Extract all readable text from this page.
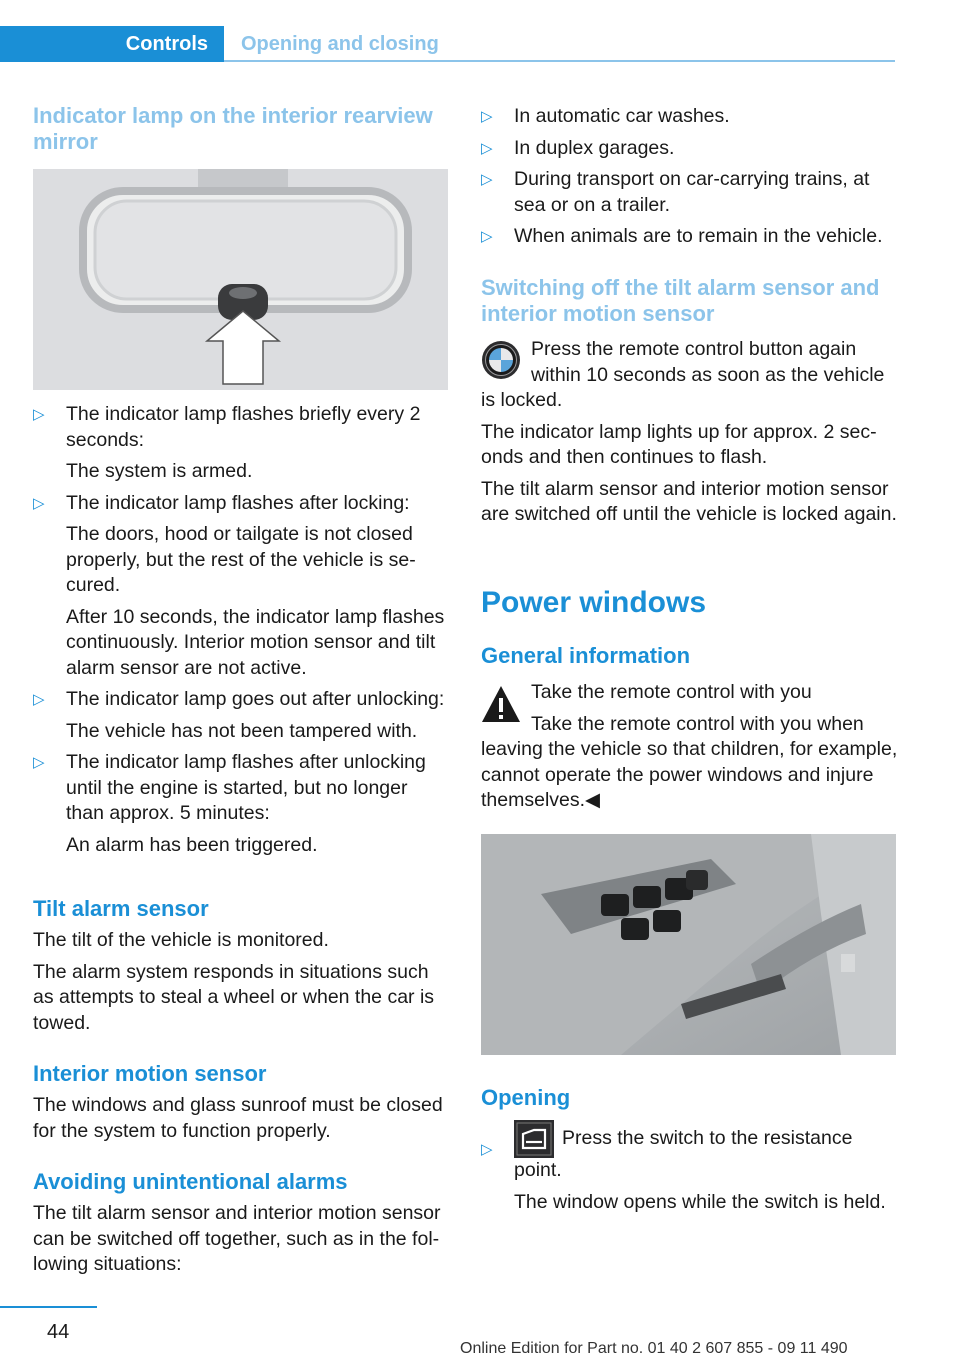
Controls	Opening and closing
Indicator lamp on the interior rearview mirror
▷ The indicator lamp flashes briefly every 2 seconds:

The system is armed.

▷ The indicator lamp flashes after locking:

The doors, hood or tailgate is not closed properly, but the rest of the vehicle is se- cured.

After 10 seconds, the indicator lamp flashes continuously. Interior motion sensor and tilt alarm sensor are not active.

▷ The indicator lamp goes out after unlocking:

The vehicle has not been tampered with.

▷ The indicator lamp flashes after unlocking until the engine is started, but no longer than approx. 5 minutes:

An alarm has been triggered.

Tilt alarm sensor

The tilt of the vehicle is monitored.

The alarm system responds in situations such as attempts to steal a wheel or when the car is towed.

Interior motion sensor

The windows and glass sunroof must be closed for the system to function properly.

Avoiding unintentional alarms

The tilt alarm sensor and interior motion sensor can be switched off together, such as in the fol- lowing situations:

▷ In automatic car washes.
▷ In duplex garages.
▷ During transport on car-carrying trains, at sea or on a trailer.
▷ When animals are to remain in the vehicle.
Switching off the tilt alarm sensor and interior motion sensor

Press the remote control button again within 10 seconds as soon as the vehicle is locked.

The indicator lamp lights up for approx. 2 sec- onds and then continues to flash.

The tilt alarm sensor and interior motion sensor are switched off until the vehicle is locked again.

Power windows
General information

Take the remote control with you

Take the remote control with you when leaving the vehicle so that children, for example, cannot operate the power windows and injure themselves.◀

Opening
▷
Press the switch to the resistance point.

The window opens while the switch is held.

44
Online Edition for Part no. 01 40 2 607 855 - 09 11 490
